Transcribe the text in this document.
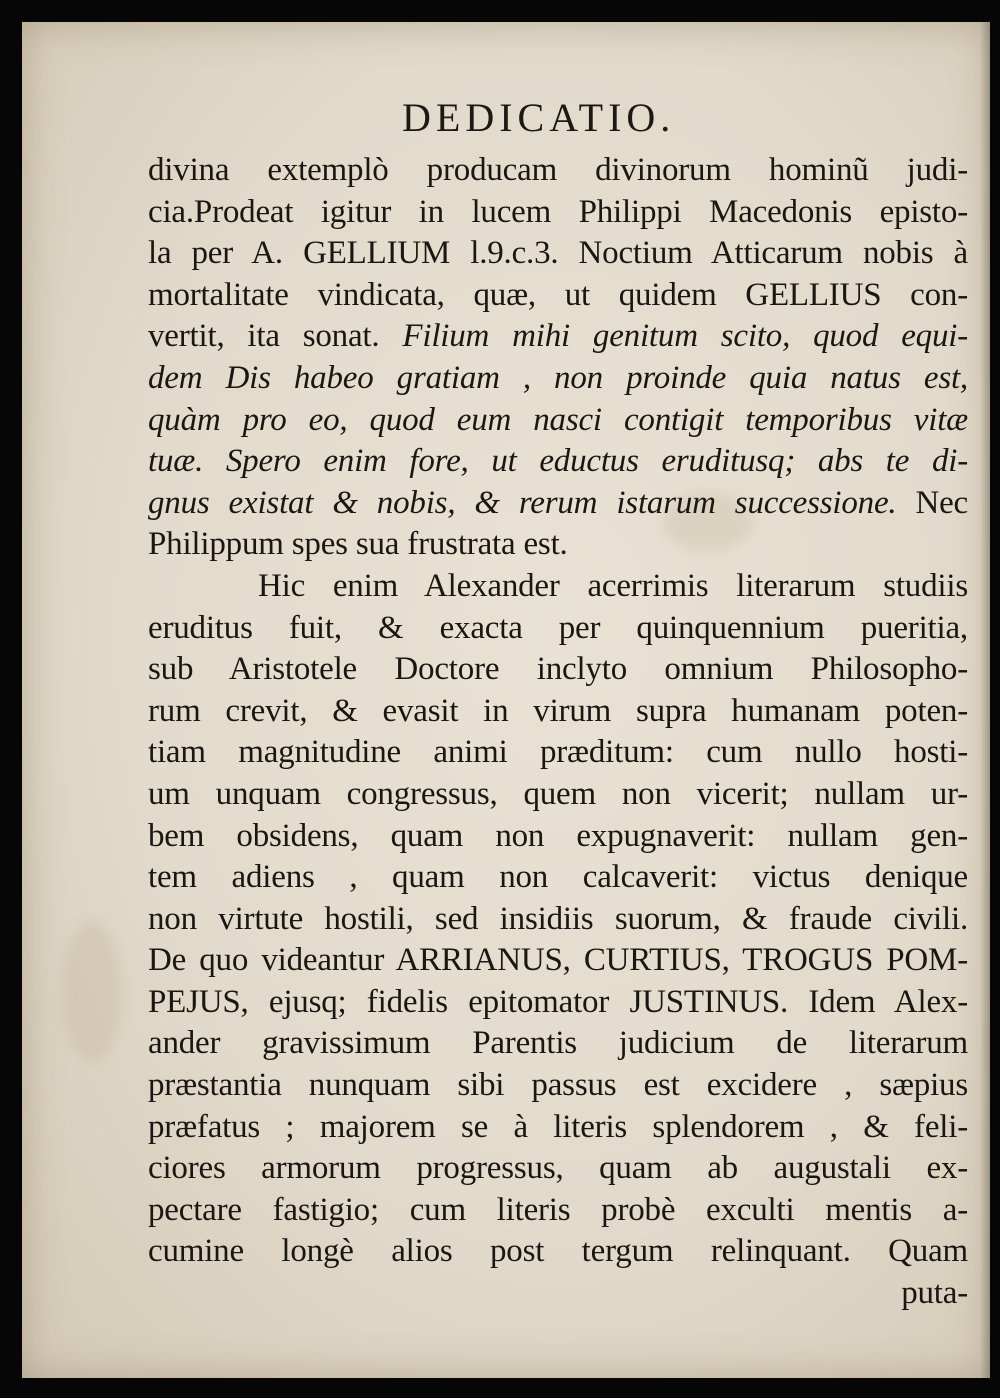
DEDICATIO.
divina extemplò producam divinorum hominũ judi-
cia.Prodeat igitur in lucem Philippi Macedonis episto-
la per A. GELLIUM l.9.c.3. Noctium Atticarum nobis à
mortalitate vindicata, quæ, ut quidem GELLIUS con-
vertit, ita sonat. Filium mihi genitum scito, quod equi-
dem Dis habeo gratiam , non proinde quia natus est,
quàm pro eo, quod eum nasci contigit temporibus vitæ
tuæ. Spero enim fore, ut eductus eruditusq; abs te di-
gnus existat & nobis, & rerum istarum successione. Nec
Philippum spes sua frustrata est.
Hic enim Alexander acerrimis literarum studiis
eruditus fuit, & exacta per quinquennium pueritia,
sub Aristotele Doctore inclyto omnium Philosopho-
rum crevit, & evasit in virum supra humanam poten-
tiam magnitudine animi præditum: cum nullo hosti-
um unquam congressus, quem non vicerit; nullam ur-
bem obsidens, quam non expugnaverit: nullam gen-
tem adiens , quam non calcaverit: victus denique
non virtute hostili, sed insidiis suorum, & fraude civili.
De quo videantur ARRIANUS, CURTIUS, TROGUS POM-
PEJUS, ejusq; fidelis epitomator JUSTINUS. Idem Alex-
ander gravissimum Parentis judicium de literarum
præstantia nunquam sibi passus est excidere , sæpius
præfatus ; majorem se à literis splendorem , & feli-
ciores armorum progressus, quam ab augustali ex-
pectare fastigio; cum literis probè exculti mentis a-
cumine longè alios post tergum relinquant. Quam
puta-
